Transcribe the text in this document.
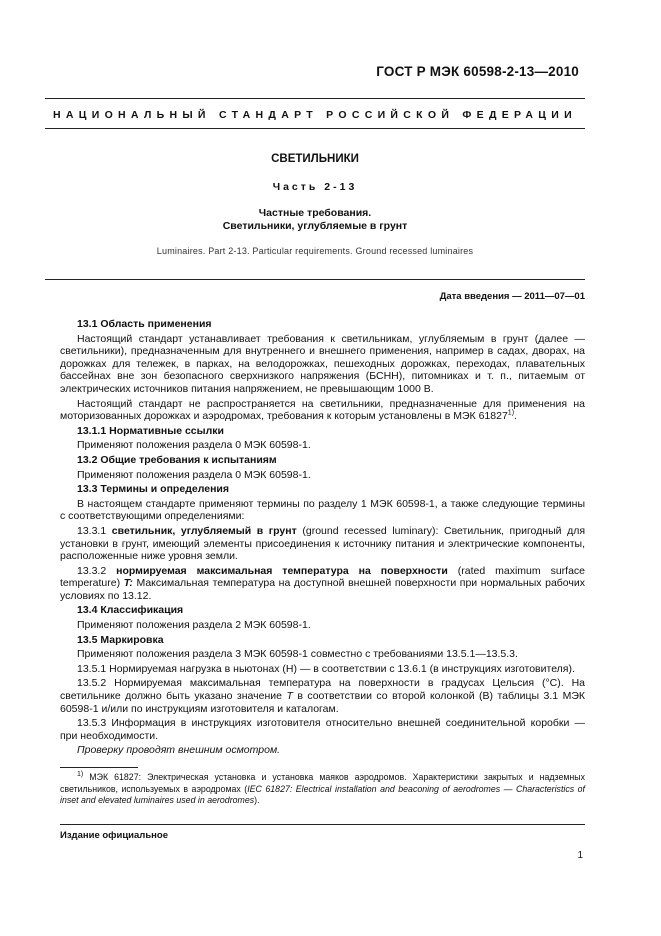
ГОСТ Р МЭК 60598-2-13—2010
НАЦИОНАЛЬНЫЙ СТАНДАРТ РОССИЙСКОЙ ФЕДЕРАЦИИ
СВЕТИЛЬНИКИ
Часть 2-13
Частные требования.
Светильники, углубляемые в грунт
Luminaires. Part 2-13. Particular requirements. Ground recessed luminaires
Дата введения — 2011—07—01

13.1 Область применения

Настоящий стандарт устанавливает требования к светильникам, углубляемым в грунт (далее — светильники), предназначенным для внутреннего и внешнего применения, например в садах, дворах, на дорожках для тележек, в парках, на велодорожках, пешеходных дорожках, переходах, плавательных бассейнах вне зон безопасного сверхнизкого напряжения (БСНН), питомниках и т. п., питаемым от электрических источников питания напряжением, не превышающим 1000 В.

Настоящий стандарт не распространяется на светильники, предназначенные для применения на моторизованных дорожках и аэродромах, требования к которым установлены в МЭК 61827$^{1)}$.

13.1.1 Нормативные ссылки

Применяют положения раздела 0 МЭК 60598-1.

13.2 Общие требования к испытаниям

Применяют положения раздела 0 МЭК 60598-1.

13.3 Термины и определения

В настоящем стандарте применяют термины по разделу 1 МЭК 60598-1, а также следующие термины с соответствующими определениями:

13.3.1 светильник, углубляемый в грунт (ground recessed luminary): Светильник, пригодный для установки в грунт, имеющий элементы присоединения к источнику питания и электрические компоненты, расположенные ниже уровня земли.

13.3.2 нормируемая максимальная температура на поверхности (rated maximum surface temperature) T: Максимальная температура на доступной внешней поверхности при нормальных рабочих условиях по 13.12.

13.4 Классификация

Применяют положения раздела 2 МЭК 60598-1.

13.5 Маркировка

Применяют положения раздела 3 МЭК 60598-1 совместно с требованиями 13.5.1—13.5.3.

13.5.1 Нормируемая нагрузка в ньютонах (Н) — в соответствии с 13.6.1 (в инструкциях изготовителя).

13.5.2 Нормируемая максимальная температура на поверхности в градусах Цельсия (°С). На светильнике должно быть указано значение T в соответствии со второй колонкой (В) таблицы 3.1 МЭК 60598-1 и/или по инструкциям изготовителя и каталогам.

13.5.3 Информация в инструкциях изготовителя относительно внешней соединительной коробки — при необходимости.

Проверку проводят внешним осмотром.

$^{1)}$ МЭК 61827: Электрическая установка и установка маяков аэродромов. Характеристики закрытых и надземных светильников, используемых в аэродромах (IEC 61827: Electrical installation and beaconing of aerodromes — Characteristics of inset and elevated luminaires used in aerodromes).

Издание официальное
1
